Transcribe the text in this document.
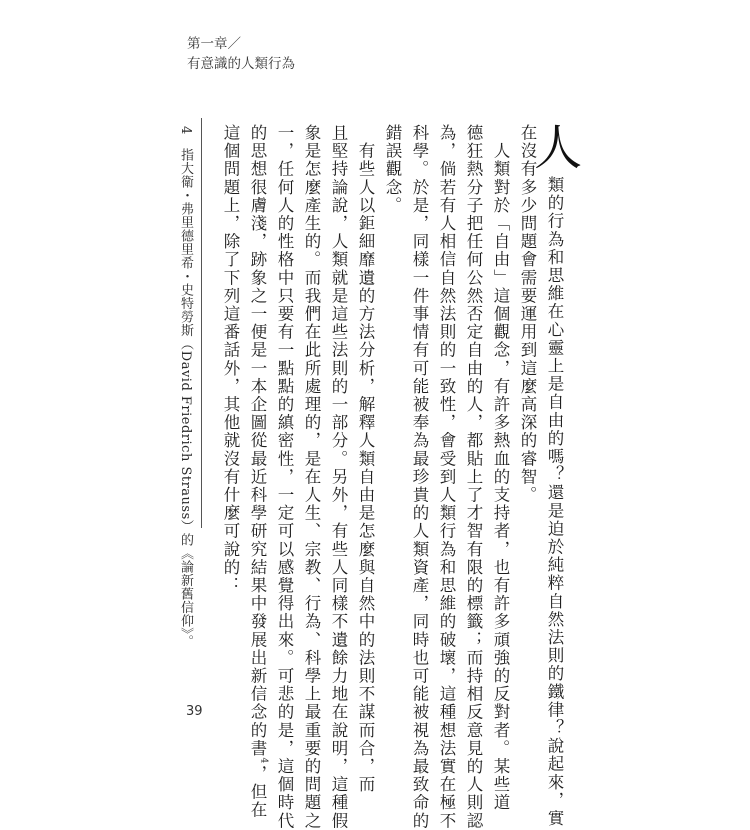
第一章／
有意識的人類行為

4　指大衛・弗里德里希・史特勞斯（David Friedrich Strauss）的《論新舊信仰》。	人

類的行為和思維在心靈上是自由的嗎？還是迫於純粹自然法則的鐵律？說起來，實

在沒有多少問題會需要運用到這麼高深的睿智。

　人類對於「自由」這個觀念，有許多熱血的支持者，也有許多頑強的反對者。某些道

德狂熱分子把任何公然否定自由的人，都貼上了才智有限的標籤；而持相反意見的人則認

為，倘若有人相信自然法則的一致性，會受到人類行為和思維的破壞，這種想法實在極不

科學。於是，同樣一件事情有可能被奉為最珍貴的人類資產，同時也可能被視為最致命的

錯誤觀念。

　有些人以鉅細靡遺的方法分析，解釋人類自由是怎麼與自然中的法則不謀而合，而

且堅持論說，人類就是這些法則的一部分。另外，有些人同樣不遺餘力地在說明，這種假

象是怎麼產生的。而我們在此所處理的，是在人生、宗教、行為、科學上最重要的問題之

一，任何人的性格中只要有一點點的縝密性，一定可以感覺得出來。可悲的是，這個時代

的思想很膚淺，跡象之一便是一本企圖從最近科學研究結果中發展出新信念的書$^4$，但在

這個問題上，除了下列這番話外，其他就沒有什麼可說的：

39
